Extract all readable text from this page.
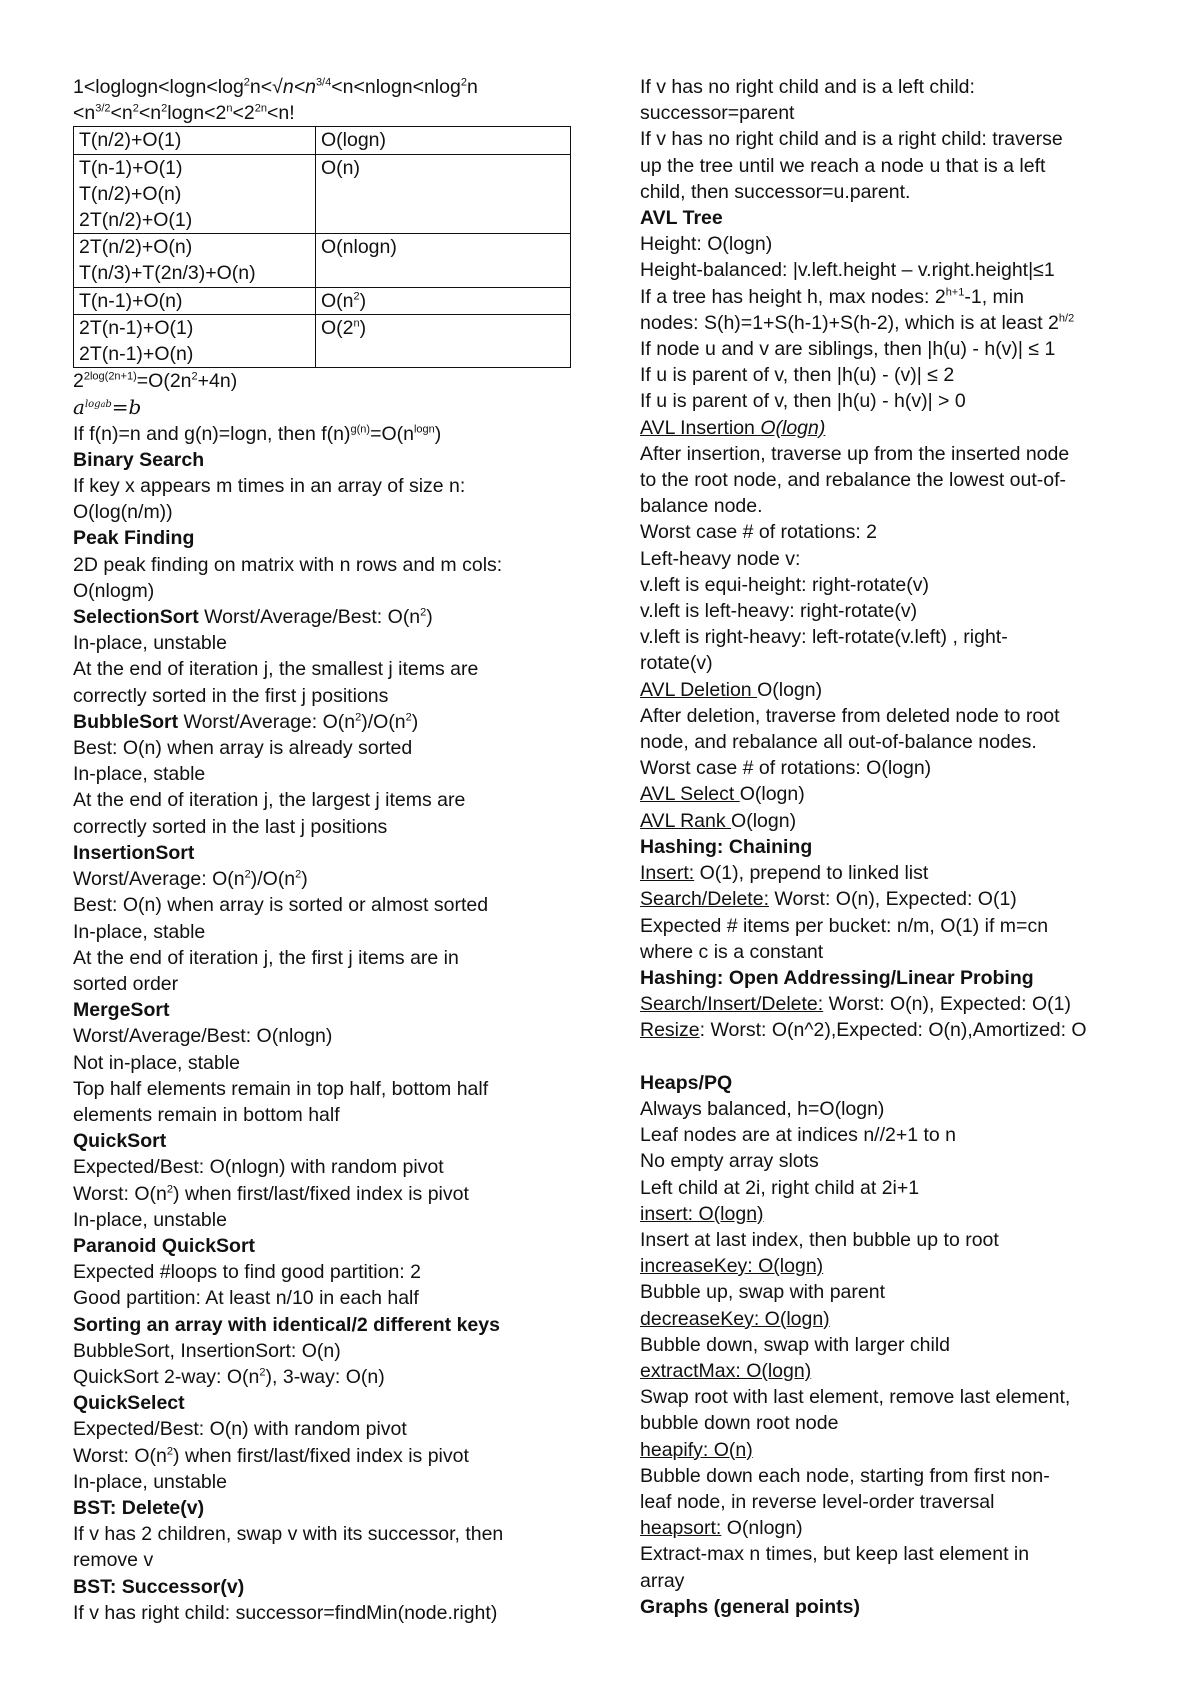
$1<loglogn<\log n<\log^2n<√n<n^{3/4}<n<nlogn<nlog^2n$
$<n^{3/2}<n^2<n^2\log n<2^n<2^{2n}<n$!
T(n/2)+O(1)	O(logn)

T(n-1)+O(1)
T(n/2)+O(n)
2T(n/2)+O(1)	O(n)

2T(n/2)+O(n)
T(n/3)+T(2n/3)+O(n)	O(nlogn)

T(n-1)+O(n)	$O(n^2)$

2T(n-1)+O(1)
2T(n-1)+O(n)	O(2$^n$)
$2^{2log(2n+1)}=O(2n^2+4n)$
$a^{logab}=b$
If f(n)=n and g(n)=logn, then $f(n)^{g(n)}=O(n^{logn})$
Binary Search
If key x appears m times in an array of size n:
O(log(n/m))
Peak Finding
2D peak finding on matrix with n rows and m cols:
O(nlogm)
SelectionSort Worst/Average/Best: $O(n^2)$
In-place, unstable
At the end of iteration j, the smallest j items are
correctly sorted in the first j positions
BubbleSort Worst/Average: $O(n^2)/O(n^2)$
Best: O(n) when array is already sorted
In-place, stable
At the end of iteration j, the largest j items are
correctly sorted in the last j positions
InsertionSort
Worst/Average: $O(n^2)/O(n^2)$
Best: O(n) when array is sorted or almost sorted
In-place, stable
At the end of iteration j, the first j items are in
sorted order
MergeSort
Worst/Average/Best: O(nlogn)
Not in-place, stable
Top half elements remain in top half, bottom half
elements remain in bottom half
QuickSort
Expected/Best: O(nlogn) with random pivot
Worst: $O(n^2)$ when first/last/fixed index is pivot
In-place, unstable
Paranoid QuickSort
Expected #loops to find good partition: 2
Good partition: At least n/10 in each half
Sorting an array with identical/2 different keys
BubbleSort, InsertionSort: O(n)
QuickSort 2-way: $O(n^2)$, 3-way: O(n)
QuickSelect
Expected/Best: O(n) with random pivot
Worst: $O(n^2)$ when first/last/fixed index is pivot
In-place, unstable
BST: Delete(v)
If v has 2 children, swap v with its successor, then
remove v
BST: Successor(v)
If v has right child: successor=findMin(node.right)
If v has no right child and is a left child:
successor=parent
If v has no right child and is a right child: traverse
up the tree until we reach a node u that is a left
child, then successor=u.parent.
AVL Tree
Height: O(logn)
Height-balanced: |v.left.height – v.right.height|≤1
If a tree has height h, max nodes: $2^{h+1}-1$, min
nodes: S(h)=1+S(h-1)+S(h-2), which is at least $2^{h/2}$
If node u and v are siblings, then |h(u) - h(v)| ≤ 1
If u is parent of v, then |h(u) - (v)| ≤ 2
If u is parent of v, then |h(u) - h(v)| > 0
AVL Insertion O(logn)
After insertion, traverse up from the inserted node
to the root node, and rebalance the lowest out-of-
balance node.
Worst case # of rotations: 2
Left-heavy node v:
v.left is equi-height: right-rotate(v)
v.left is left-heavy: right-rotate(v)
v.left is right-heavy: left-rotate(v.left) , right-
rotate(v)
AVL Deletion O(logn)
After deletion, traverse from deleted node to root
node, and rebalance all out-of-balance nodes.
Worst case # of rotations: O(logn)
AVL Select O(logn)
AVL Rank O(logn)
Hashing: Chaining
Insert: O(1), prepend to linked list
Search/Delete: Worst: O(n), Expected: O(1)
Expected # items per bucket: n/m, O(1) if m=cn
where c is a constant
Hashing: Open Addressing/Linear Probing
Search/Insert/Delete: Worst: O(n), Expected: O(1)
Resize: Worst: O(n^2),Expected: O(n),Amortized: O
Heaps/PQ
Always balanced, h=O(logn)
Leaf nodes are at indices n//2+1 to n
No empty array slots
Left child at 2i, right child at 2i+1
insert: O(logn)
Insert at last index, then bubble up to root
increaseKey: O(logn)
Bubble up, swap with parent
decreaseKey: O(logn)
Bubble down, swap with larger child
extractMax: O(logn)
Swap root with last element, remove last element,
bubble down root node
heapify: O(n)
Bubble down each node, starting from first non-
leaf node, in reverse level-order traversal
heapsort: O(nlogn)
Extract-max n times, but keep last element in
array
Graphs (general points)
